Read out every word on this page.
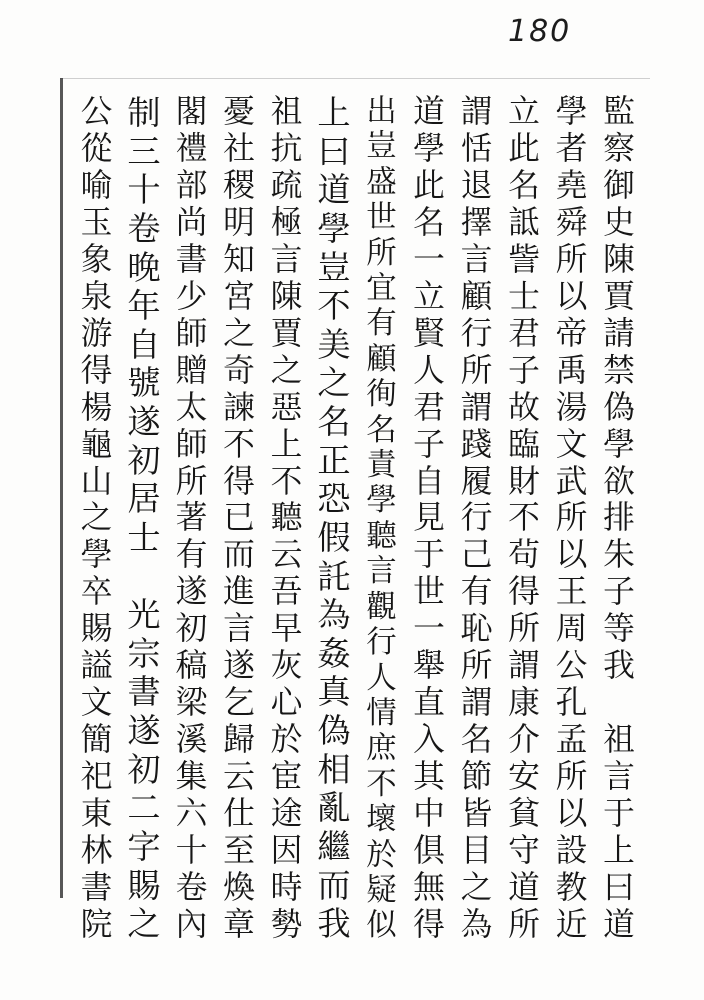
180
監
察
御
史
陳
賈
請
禁
偽
學
欲
排
朱
子
等
我

祖
言
于
上
曰
道
學
者
堯
舜
所
以
帝
禹
湯
文
武
所
以
王
周
公
孔
孟
所
以
設
教
近
立
此
名
詆
訾
士
君
子
故
臨
財
不
茍
得
所
謂
康
介
安
貧
守
道
所
謂
恬
退
擇
言
顧
行
所
謂
踐
履
行
己
有
恥
所
謂
名
節
皆
目
之
為
道
學
此
名
一
立
賢
人
君
子
自
見
于
世
一
舉
直
入
其
中
俱
無
得
出
豈
盛
世
所
宜
有
顧
徇
名
責
學
聽
言
觀
行
人
情
庶
不
壞
於
疑
似
上
曰
道
學
豈
不
美
之
名
正
恐
假
託
為
姦
真
偽
相
亂
繼
而
我
祖
抗
疏
極
言
陳
賈
之
惡
上
不
聽
云
吾
早
灰
心
於
宦
途
因
時
勢
憂
社
稷
明
知
宮
之
奇
諫
不
得
已
而
進
言
遂
乞
歸
云
仕
至
煥
章
閣
禮
部
尚
書
少
師
贈
太
師
所
著
有
遂
初
稿
梁
溪
集
六
十
卷
內
制
三
十
卷
晚
年
自
號
遂
初
居
士

光
宗
書
遂
初
二
字
賜
之
公
從
喻
玉
象
泉
游
得
楊
龜
山
之
學
卒
賜
謚
文
簡
祀
東
林
書
院
